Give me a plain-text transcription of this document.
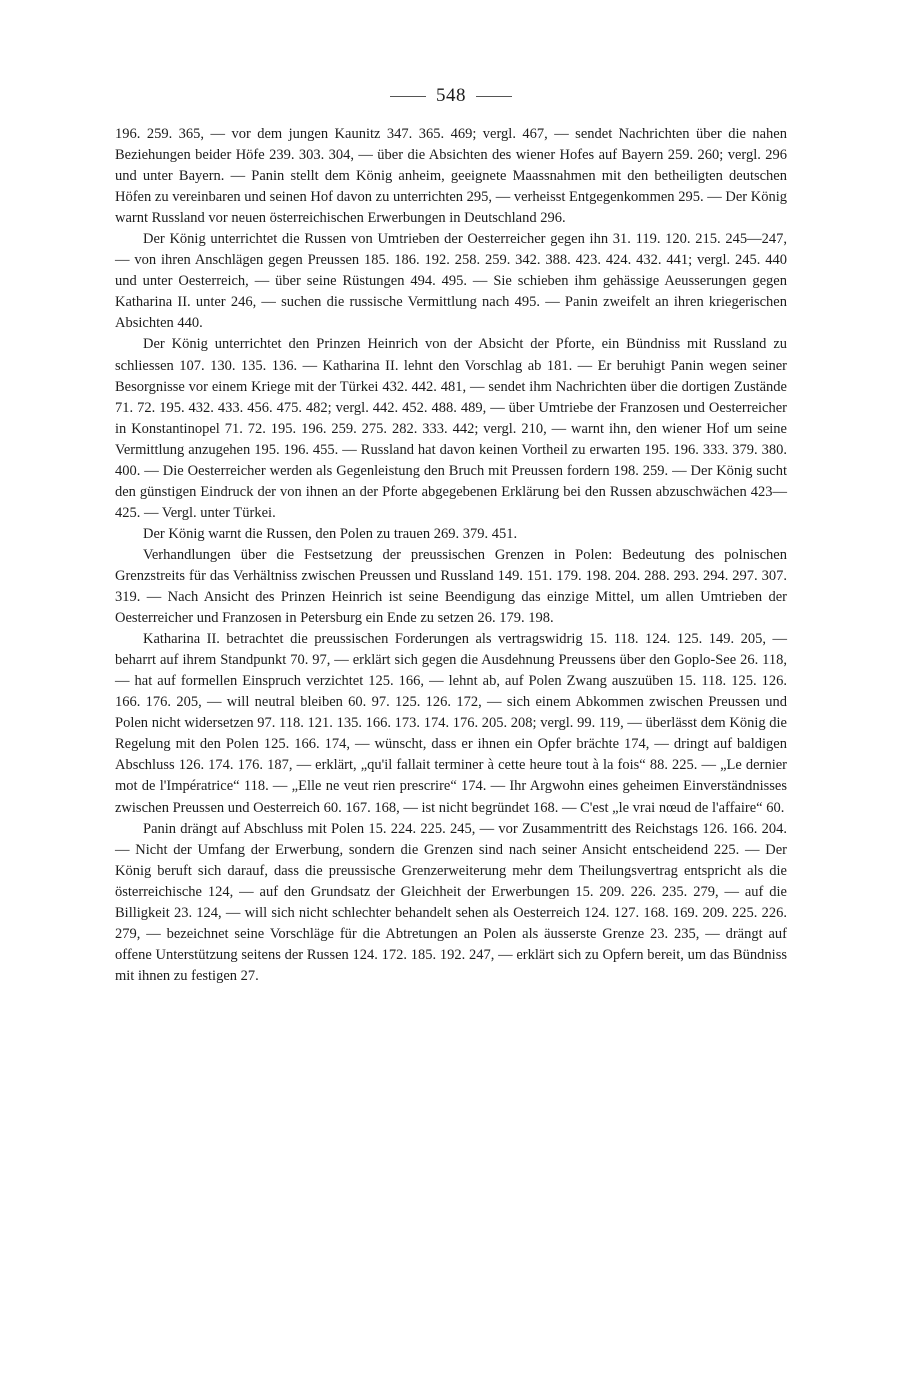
548

196. 259. 365, — vor dem jungen Kaunitz 347. 365. 469; vergl. 467, — sendet Nachrichten über die nahen Beziehungen beider Höfe 239. 303. 304, — über die Absichten des wiener Hofes auf Bayern 259. 260; vergl. 296 und unter Bayern. — Panin stellt dem König anheim, geeignete Maassnahmen mit den betheiligten deutschen Höfen zu vereinbaren und seinen Hof davon zu unterrichten 295, — verheisst Entgegenkommen 295. — Der König warnt Russland vor neuen österreichischen Erwerbungen in Deutschland 296.

Der König unterrichtet die Russen von Umtrieben der Oesterreicher gegen ihn 31. 119. 120. 215. 245—247, — von ihren Anschlägen gegen Preussen 185. 186. 192. 258. 259. 342. 388. 423. 424. 432. 441; vergl. 245. 440 und unter Oesterreich, — über seine Rüstungen 494. 495. — Sie schieben ihm gehässige Aeusserungen gegen Katharina II. unter 246, — suchen die russische Vermittlung nach 495. — Panin zweifelt an ihren kriegerischen Absichten 440.

Der König unterrichtet den Prinzen Heinrich von der Absicht der Pforte, ein Bündniss mit Russland zu schliessen 107. 130. 135. 136. — Katharina II. lehnt den Vorschlag ab 181. — Er beruhigt Panin wegen seiner Besorgnisse vor einem Kriege mit der Türkei 432. 442. 481, — sendet ihm Nachrichten über die dortigen Zustände 71. 72. 195. 432. 433. 456. 475. 482; vergl. 442. 452. 488. 489, — über Umtriebe der Franzosen und Oesterreicher in Konstantinopel 71. 72. 195. 196. 259. 275. 282. 333. 442; vergl. 210, — warnt ihn, den wiener Hof um seine Vermittlung anzugehen 195. 196. 455. — Russland hat davon keinen Vortheil zu erwarten 195. 196. 333. 379. 380. 400. — Die Oesterreicher werden als Gegenleistung den Bruch mit Preussen fordern 198. 259. — Der König sucht den günstigen Eindruck der von ihnen an der Pforte abgegebenen Erklärung bei den Russen abzuschwächen 423—425. — Vergl. unter Türkei.

Der König warnt die Russen, den Polen zu trauen 269. 379. 451.

Verhandlungen über die Festsetzung der preussischen Grenzen in Polen: Bedeutung des polnischen Grenzstreits für das Verhältniss zwischen Preussen und Russland 149. 151. 179. 198. 204. 288. 293. 294. 297. 307. 319. — Nach Ansicht des Prinzen Heinrich ist seine Beendigung das einzige Mittel, um allen Umtrieben der Oesterreicher und Franzosen in Petersburg ein Ende zu setzen 26. 179. 198.

Katharina II. betrachtet die preussischen Forderungen als vertragswidrig 15. 118. 124. 125. 149. 205, — beharrt auf ihrem Standpunkt 70. 97, — erklärt sich gegen die Ausdehnung Preussens über den Goplo-See 26. 118, — hat auf formellen Einspruch verzichtet 125. 166, — lehnt ab, auf Polen Zwang auszuüben 15. 118. 125. 126. 166. 176. 205, — will neutral bleiben 60. 97. 125. 126. 172, — sich einem Abkommen zwischen Preussen und Polen nicht widersetzen 97. 118. 121. 135. 166. 173. 174. 176. 205. 208; vergl. 99. 119, — überlässt dem König die Regelung mit den Polen 125. 166. 174, — wünscht, dass er ihnen ein Opfer brächte 174, — dringt auf baldigen Abschluss 126. 174. 176. 187, — erklärt, „qu'il fallait terminer à cette heure tout à la fois“ 88. 225. — „Le dernier mot de l'Impératrice“ 118. — „Elle ne veut rien prescrire“ 174. — Ihr Argwohn eines geheimen Einverständnisses zwischen Preussen und Oesterreich 60. 167. 168, — ist nicht begründet 168. — C'est „le vrai nœud de l'affaire“ 60.

Panin drängt auf Abschluss mit Polen 15. 224. 225. 245, — vor Zusammentritt des Reichstags 126. 166. 204. — Nicht der Umfang der Erwerbung, sondern die Grenzen sind nach seiner Ansicht entscheidend 225. — Der König beruft sich darauf, dass die preussische Grenzerweiterung mehr dem Theilungsvertrag entspricht als die österreichische 124, — auf den Grundsatz der Gleichheit der Erwerbungen 15. 209. 226. 235. 279, — auf die Billigkeit 23. 124, — will sich nicht schlechter behandelt sehen als Oesterreich 124. 127. 168. 169. 209. 225. 226. 279, — bezeichnet seine Vorschläge für die Abtretungen an Polen als äusserste Grenze 23. 235, — drängt auf offene Unterstützung seitens der Russen 124. 172. 185. 192. 247, — erklärt sich zu Opfern bereit, um das Bündniss mit ihnen zu festigen 27.
